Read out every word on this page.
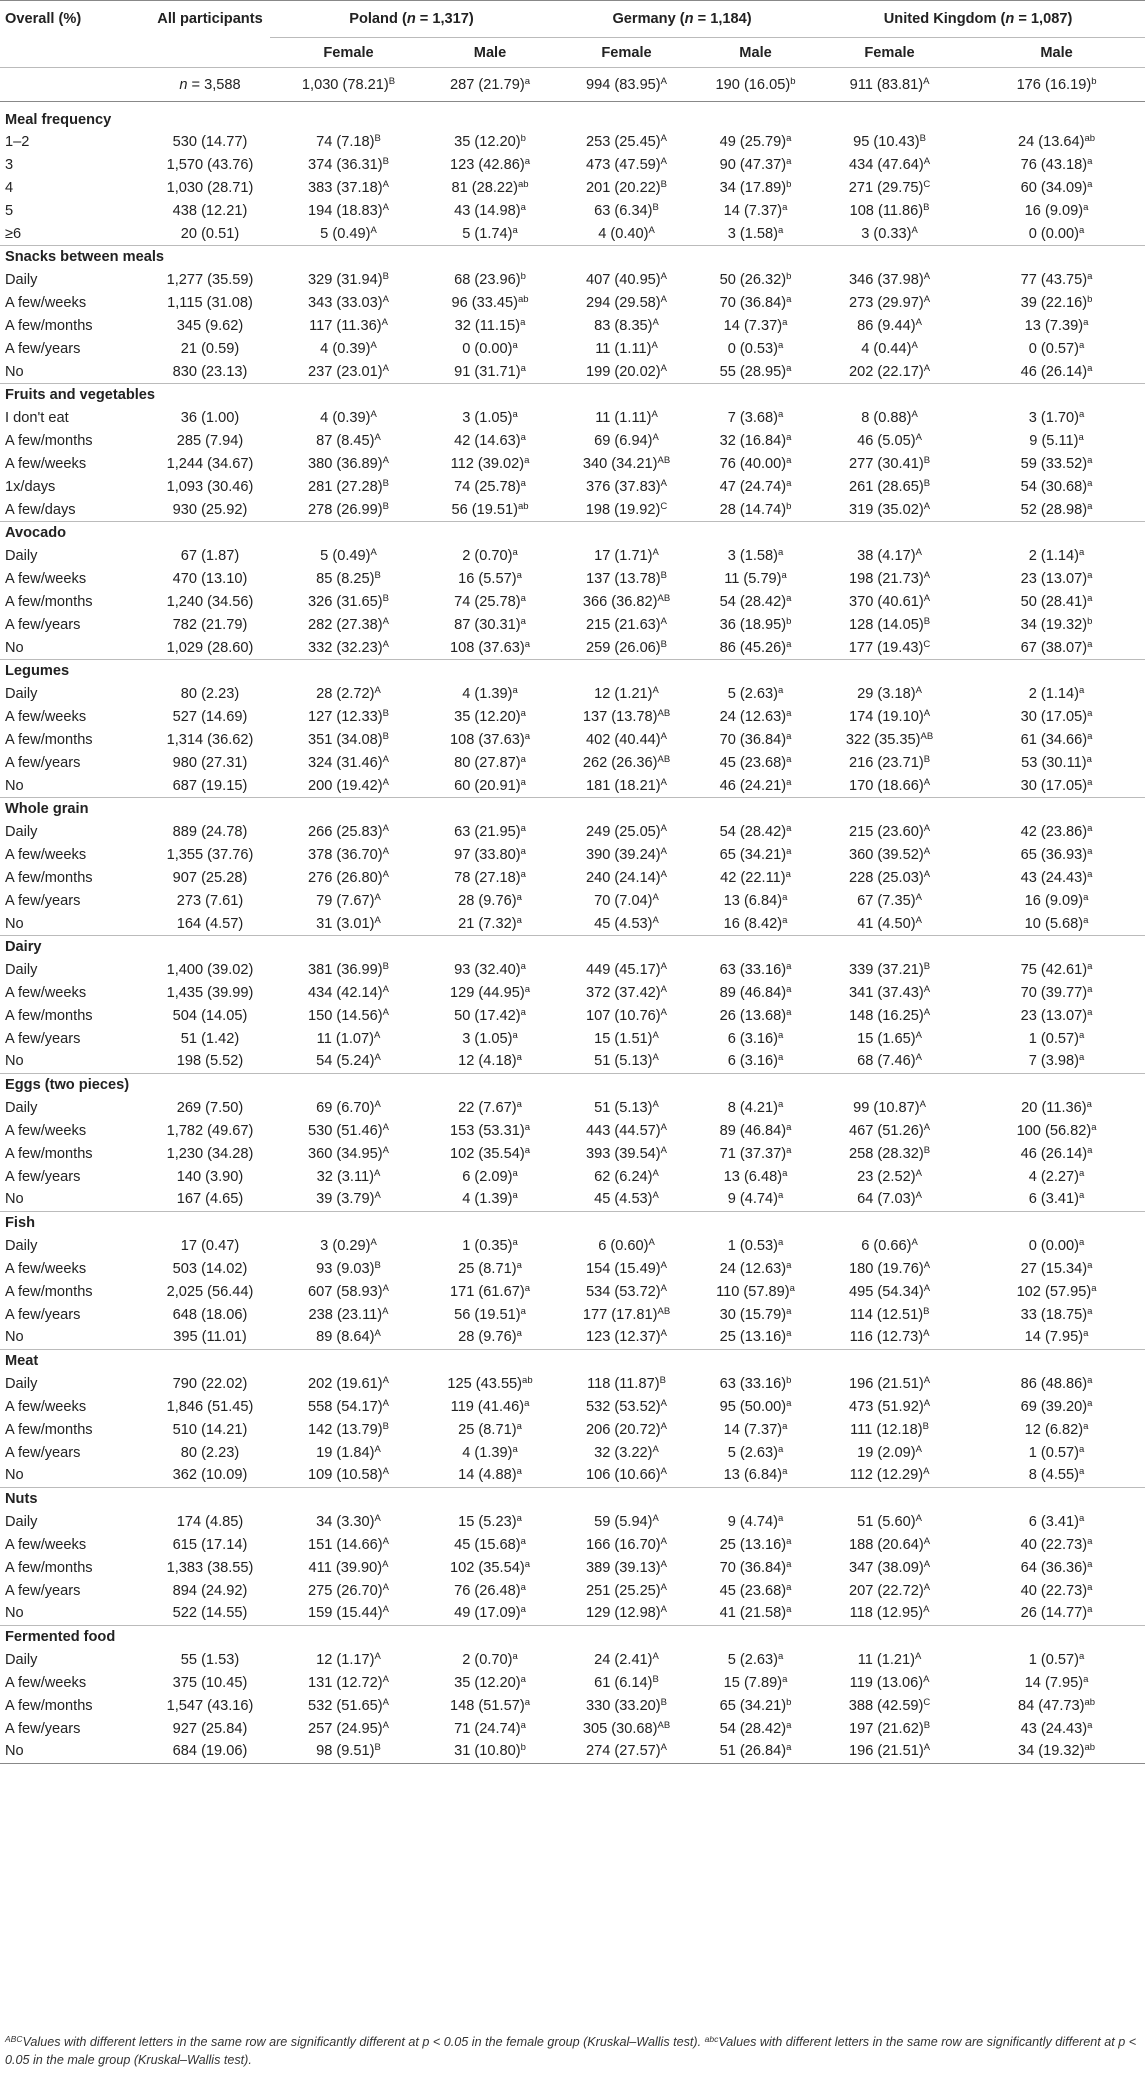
Overall (%)	All participants	Poland (n = 1,317)		Germany (n = 1,184)		United Kingdom (n = 1,087)	
		Female	Male	Female	Male	Female	Male
	n = 3,588	1,030 $(78.21)^B$	287 $(21.79)^a$	994 $(83.95)^A$	190 $(16.05)^b$	911 $(83.81)^A$	176 $(16.19)^b$

Meal frequency							
1–2	530 (14.77)	74 $(7.18)^B$	35 $(12.20)^b$	253 $(25.45)^A$	49 $(25.79)^a$	95 $(10.43)^B$	24 $(13.64)^{ab}$
3	1,570 (43.76)	374 $(36.31)^B$	123 $(42.86)^a$	473 $(47.59)^A$	90 $(47.37)^a$	434 $(47.64)^A$	76 $(43.18)^a$
4	1,030 (28.71)	383 $(37.18)^A$	81 $(28.22)^{ab}$	201 $(20.22)^B$	34 $(17.89)^b$	271 $(29.75)^C$	60 $(34.09)^a$
5	438 (12.21)	194 $(18.83)^A$	43 $(14.98)^a$	63 $(6.34)^B$	14 $(7.37)^a$	108 $(11.86)^B$	16 $(9.09)^a$
≥6	20 (0.51)	5 $(0.49)^A$	5 $(1.74)^a$	4 $(0.40)^A$	3 $(1.58)^a$	3 $(0.33)^A$	0 $(0.00)^a$
Snacks between meals							
Daily	1,277 (35.59)	329 $(31.94)^B$	68 $(23.96)^b$	407 $(40.95)^A$	50 $(26.32)^b$	346 $(37.98)^A$	77 $(43.75)^a$
A few/weeks	1,115 (31.08)	343 $(33.03)^A$	96 $(33.45)^{ab}$	294 $(29.58)^A$	70 $(36.84)^a$	273 $(29.97)^A$	39 $(22.16)^b$
A few/months	345 (9.62)	117 $(11.36)^A$	32 $(11.15)^a$	83 $(8.35)^A$	14 $(7.37)^a$	86 $(9.44)^A$	13 $(7.39)^a$
A few/years	21 (0.59)	4 $(0.39)^A$	0 $(0.00)^a$	11 $(1.11)^A$	0 $(0.53)^a$	4 $(0.44)^A$	0 $(0.57)^a$
No	830 (23.13)	237 $(23.01)^A$	91 $(31.71)^a$	199 $(20.02)^A$	55 $(28.95)^a$	202 $(22.17)^A$	46 $(26.14)^a$
Fruits and vegetables							
I don't eat	36 (1.00)	4 $(0.39)^A$	3 $(1.05)^a$	11 $(1.11)^A$	7 $(3.68)^a$	8 $(0.88)^A$	3 $(1.70)^a$
A few/months	285 (7.94)	87 $(8.45)^A$	42 $(14.63)^a$	69 $(6.94)^A$	32 $(16.84)^a$	46 $(5.05)^A$	9 $(5.11)^a$
A few/weeks	1,244 (34.67)	380 $(36.89)^A$	112 $(39.02)^a$	340 $(34.21)^{AB}$	76 $(40.00)^a$	277 $(30.41)^B$	59 $(33.52)^a$
1x/days	1,093 (30.46)	281 $(27.28)^B$	74 $(25.78)^a$	376 $(37.83)^A$	47 $(24.74)^a$	261 $(28.65)^B$	54 $(30.68)^a$
A few/days	930 (25.92)	278 $(26.99)^B$	56 $(19.51)^{ab}$	198 $(19.92)^C$	28 $(14.74)^b$	319 $(35.02)^A$	52 $(28.98)^a$
Avocado							
Daily	67 (1.87)	5 $(0.49)^A$	2 $(0.70)^a$	17 $(1.71)^A$	3 $(1.58)^a$	38 $(4.17)^A$	2 $(1.14)^a$
A few/weeks	470 (13.10)	85 $(8.25)^B$	16 $(5.57)^a$	137 $(13.78)^B$	11 $(5.79)^a$	198 $(21.73)^A$	23 $(13.07)^a$
A few/months	1,240 (34.56)	326 $(31.65)^B$	74 $(25.78)^a$	366 $(36.82)^{AB}$	54 $(28.42)^a$	370 $(40.61)^A$	50 $(28.41)^a$
A few/years	782 (21.79)	282 $(27.38)^A$	87 $(30.31)^a$	215 $(21.63)^A$	36 $(18.95)^b$	128 $(14.05)^B$	34 $(19.32)^b$
No	1,029 (28.60)	332 $(32.23)^A$	108 $(37.63)^a$	259 $(26.06)^B$	86 $(45.26)^a$	177 $(19.43)^C$	67 $(38.07)^a$
Legumes							
Daily	80 (2.23)	28 $(2.72)^A$	4 $(1.39)^a$	12 $(1.21)^A$	5 $(2.63)^a$	29 $(3.18)^A$	2 $(1.14)^a$
A few/weeks	527 (14.69)	127 $(12.33)^B$	35 $(12.20)^a$	137 $(13.78)^{AB}$	24 $(12.63)^a$	174 $(19.10)^A$	30 $(17.05)^a$
A few/months	1,314 (36.62)	351 $(34.08)^B$	108 $(37.63)^a$	402 $(40.44)^A$	70 $(36.84)^a$	322 $(35.35)^{AB}$	61 $(34.66)^a$
A few/years	980 (27.31)	324 $(31.46)^A$	80 $(27.87)^a$	262 $(26.36)^{AB}$	45 $(23.68)^a$	216 $(23.71)^B$	53 $(30.11)^a$
No	687 (19.15)	200 $(19.42)^A$	60 $(20.91)^a$	181 $(18.21)^A$	46 $(24.21)^a$	170 $(18.66)^A$	30 $(17.05)^a$
Whole grain							
Daily	889 (24.78)	266 $(25.83)^A$	63 $(21.95)^a$	249 $(25.05)^A$	54 $(28.42)^a$	215 $(23.60)^A$	42 $(23.86)^a$
A few/weeks	1,355 (37.76)	378 $(36.70)^A$	97 $(33.80)^a$	390 $(39.24)^A$	65 $(34.21)^a$	360 $(39.52)^A$	65 $(36.93)^a$
A few/months	907 (25.28)	276 $(26.80)^A$	78 $(27.18)^a$	240 $(24.14)^A$	42 $(22.11)^a$	228 $(25.03)^A$	43 $(24.43)^a$
A few/years	273 (7.61)	79 $(7.67)^A$	28 $(9.76)^a$	70 $(7.04)^A$	13 $(6.84)^a$	67 $(7.35)^A$	16 $(9.09)^a$
No	164 (4.57)	31 $(3.01)^A$	21 $(7.32)^a$	45 $(4.53)^A$	16 $(8.42)^a$	41 $(4.50)^A$	10 $(5.68)^a$
Dairy							
Daily	1,400 (39.02)	381 $(36.99)^B$	93 $(32.40)^a$	449 $(45.17)^A$	63 $(33.16)^a$	339 $(37.21)^B$	75 $(42.61)^a$
A few/weeks	1,435 (39.99)	434 $(42.14)^A$	129 $(44.95)^a$	372 $(37.42)^A$	89 $(46.84)^a$	341 $(37.43)^A$	70 $(39.77)^a$
A few/months	504 (14.05)	150 $(14.56)^A$	50 $(17.42)^a$	107 $(10.76)^A$	26 $(13.68)^a$	148 $(16.25)^A$	23 $(13.07)^a$
A few/years	51 (1.42)	11 $(1.07)^A$	3 $(1.05)^a$	15 $(1.51)^A$	6 $(3.16)^a$	15 $(1.65)^A$	1 $(0.57)^a$
No	198 (5.52)	54 $(5.24)^A$	12 $(4.18)^a$	51 $(5.13)^A$	6 $(3.16)^a$	68 $(7.46)^A$	7 $(3.98)^a$
Eggs (two pieces)							
Daily	269 (7.50)	69 $(6.70)^A$	22 $(7.67)^a$	51 $(5.13)^A$	8 $(4.21)^a$	99 $(10.87)^A$	20 $(11.36)^a$
A few/weeks	1,782 (49.67)	530 $(51.46)^A$	153 $(53.31)^a$	443 $(44.57)^A$	89 $(46.84)^a$	467 $(51.26)^A$	100 $(56.82)^a$
A few/months	1,230 (34.28)	360 $(34.95)^A$	102 $(35.54)^a$	393 $(39.54)^A$	71 $(37.37)^a$	258 $(28.32)^B$	46 $(26.14)^a$
A few/years	140 (3.90)	32 $(3.11)^A$	6 $(2.09)^a$	62 $(6.24)^A$	13 $(6.48)^a$	23 $(2.52)^A$	4 $(2.27)^a$
No	167 (4.65)	39 $(3.79)^A$	4 $(1.39)^a$	45 $(4.53)^A$	9 $(4.74)^a$	64 $(7.03)^A$	6 $(3.41)^a$
Fish							
Daily	17 (0.47)	3 $(0.29)^A$	1 $(0.35)^a$	6 $(0.60)^A$	1 $(0.53)^a$	6 $(0.66)^A$	0 $(0.00)^a$
A few/weeks	503 (14.02)	93 $(9.03)^B$	25 $(8.71)^a$	154 $(15.49)^A$	24 $(12.63)^a$	180 $(19.76)^A$	27 $(15.34)^a$
A few/months	2,025 (56.44)	607 $(58.93)^A$	171 $(61.67)^a$	534 $(53.72)^A$	110 $(57.89)^a$	495 $(54.34)^A$	102 $(57.95)^a$
A few/years	648 (18.06)	238 $(23.11)^A$	56 $(19.51)^a$	177 $(17.81)^{AB}$	30 $(15.79)^a$	114 $(12.51)^B$	33 $(18.75)^a$
No	395 (11.01)	89 $(8.64)^A$	28 $(9.76)^a$	123 $(12.37)^A$	25 $(13.16)^a$	116 $(12.73)^A$	14 $(7.95)^a$
Meat							
Daily	790 (22.02)	202 $(19.61)^A$	125 $(43.55)^{ab}$	118 $(11.87)^B$	63 $(33.16)^b$	196 $(21.51)^A$	86 $(48.86)^a$
A few/weeks	1,846 (51.45)	558 $(54.17)^A$	119 $(41.46)^a$	532 $(53.52)^A$	95 $(50.00)^a$	473 $(51.92)^A$	69 $(39.20)^a$
A few/months	510 (14.21)	142 $(13.79)^B$	25 $(8.71)^a$	206 $(20.72)^A$	14 $(7.37)^a$	111 $(12.18)^B$	12 $(6.82)^a$
A few/years	80 (2.23)	19 $(1.84)^A$	4 $(1.39)^a$	32 $(3.22)^A$	5 $(2.63)^a$	19 $(2.09)^A$	1 $(0.57)^a$
No	362 (10.09)	109 $(10.58)^A$	14 $(4.88)^a$	106 $(10.66)^A$	13 $(6.84)^a$	112 $(12.29)^A$	8 $(4.55)^a$
Nuts							
Daily	174 (4.85)	34 $(3.30)^A$	15 $(5.23)^a$	59 $(5.94)^A$	9 $(4.74)^a$	51 $(5.60)^A$	6 $(3.41)^a$
A few/weeks	615 (17.14)	151 $(14.66)^A$	45 $(15.68)^a$	166 $(16.70)^A$	25 $(13.16)^a$	188 $(20.64)^A$	40 $(22.73)^a$
A few/months	1,383 (38.55)	411 $(39.90)^A$	102 $(35.54)^a$	389 $(39.13)^A$	70 $(36.84)^a$	347 $(38.09)^A$	64 $(36.36)^a$
A few/years	894 (24.92)	275 $(26.70)^A$	76 $(26.48)^a$	251 $(25.25)^A$	45 $(23.68)^a$	207 $(22.72)^A$	40 $(22.73)^a$
No	522 (14.55)	159 $(15.44)^A$	49 $(17.09)^a$	129 $(12.98)^A$	41 $(21.58)^a$	118 $(12.95)^A$	26 $(14.77)^a$
Fermented food							
Daily	55 (1.53)	12 $(1.17)^A$	2 $(0.70)^a$	24 $(2.41)^A$	5 $(2.63)^a$	11 $(1.21)^A$	1 $(0.57)^a$
A few/weeks	375 (10.45)	131 $(12.72)^A$	35 $(12.20)^a$	61 $(6.14)^B$	15 $(7.89)^a$	119 $(13.06)^A$	14 $(7.95)^a$
A few/months	1,547 (43.16)	532 $(51.65)^A$	148 $(51.57)^a$	330 $(33.20)^B$	65 $(34.21)^b$	388 $(42.59)^C$	84 $(47.73)^{ab}$
A few/years	927 (25.84)	257 $(24.95)^A$	71 $(24.74)^a$	305 $(30.68)^{AB}$	54 $(28.42)^a$	197 $(21.62)^B$	43 $(24.43)^a$
No	684 (19.06)	98 $(9.51)^B$	31 $(10.80)^b$	274 $(27.57)^A$	51 $(26.84)^a$	196 $(21.51)^A$	34 $(19.32)^{ab}$
$^{ABC}$Values with different letters in the same row are significantly different at p < 0.05 in the female group (Kruskal–Wallis test). $^{abc}$Values with different letters in the same row are significantly different at p < 0.05 in the male group (Kruskal–Wallis test).
